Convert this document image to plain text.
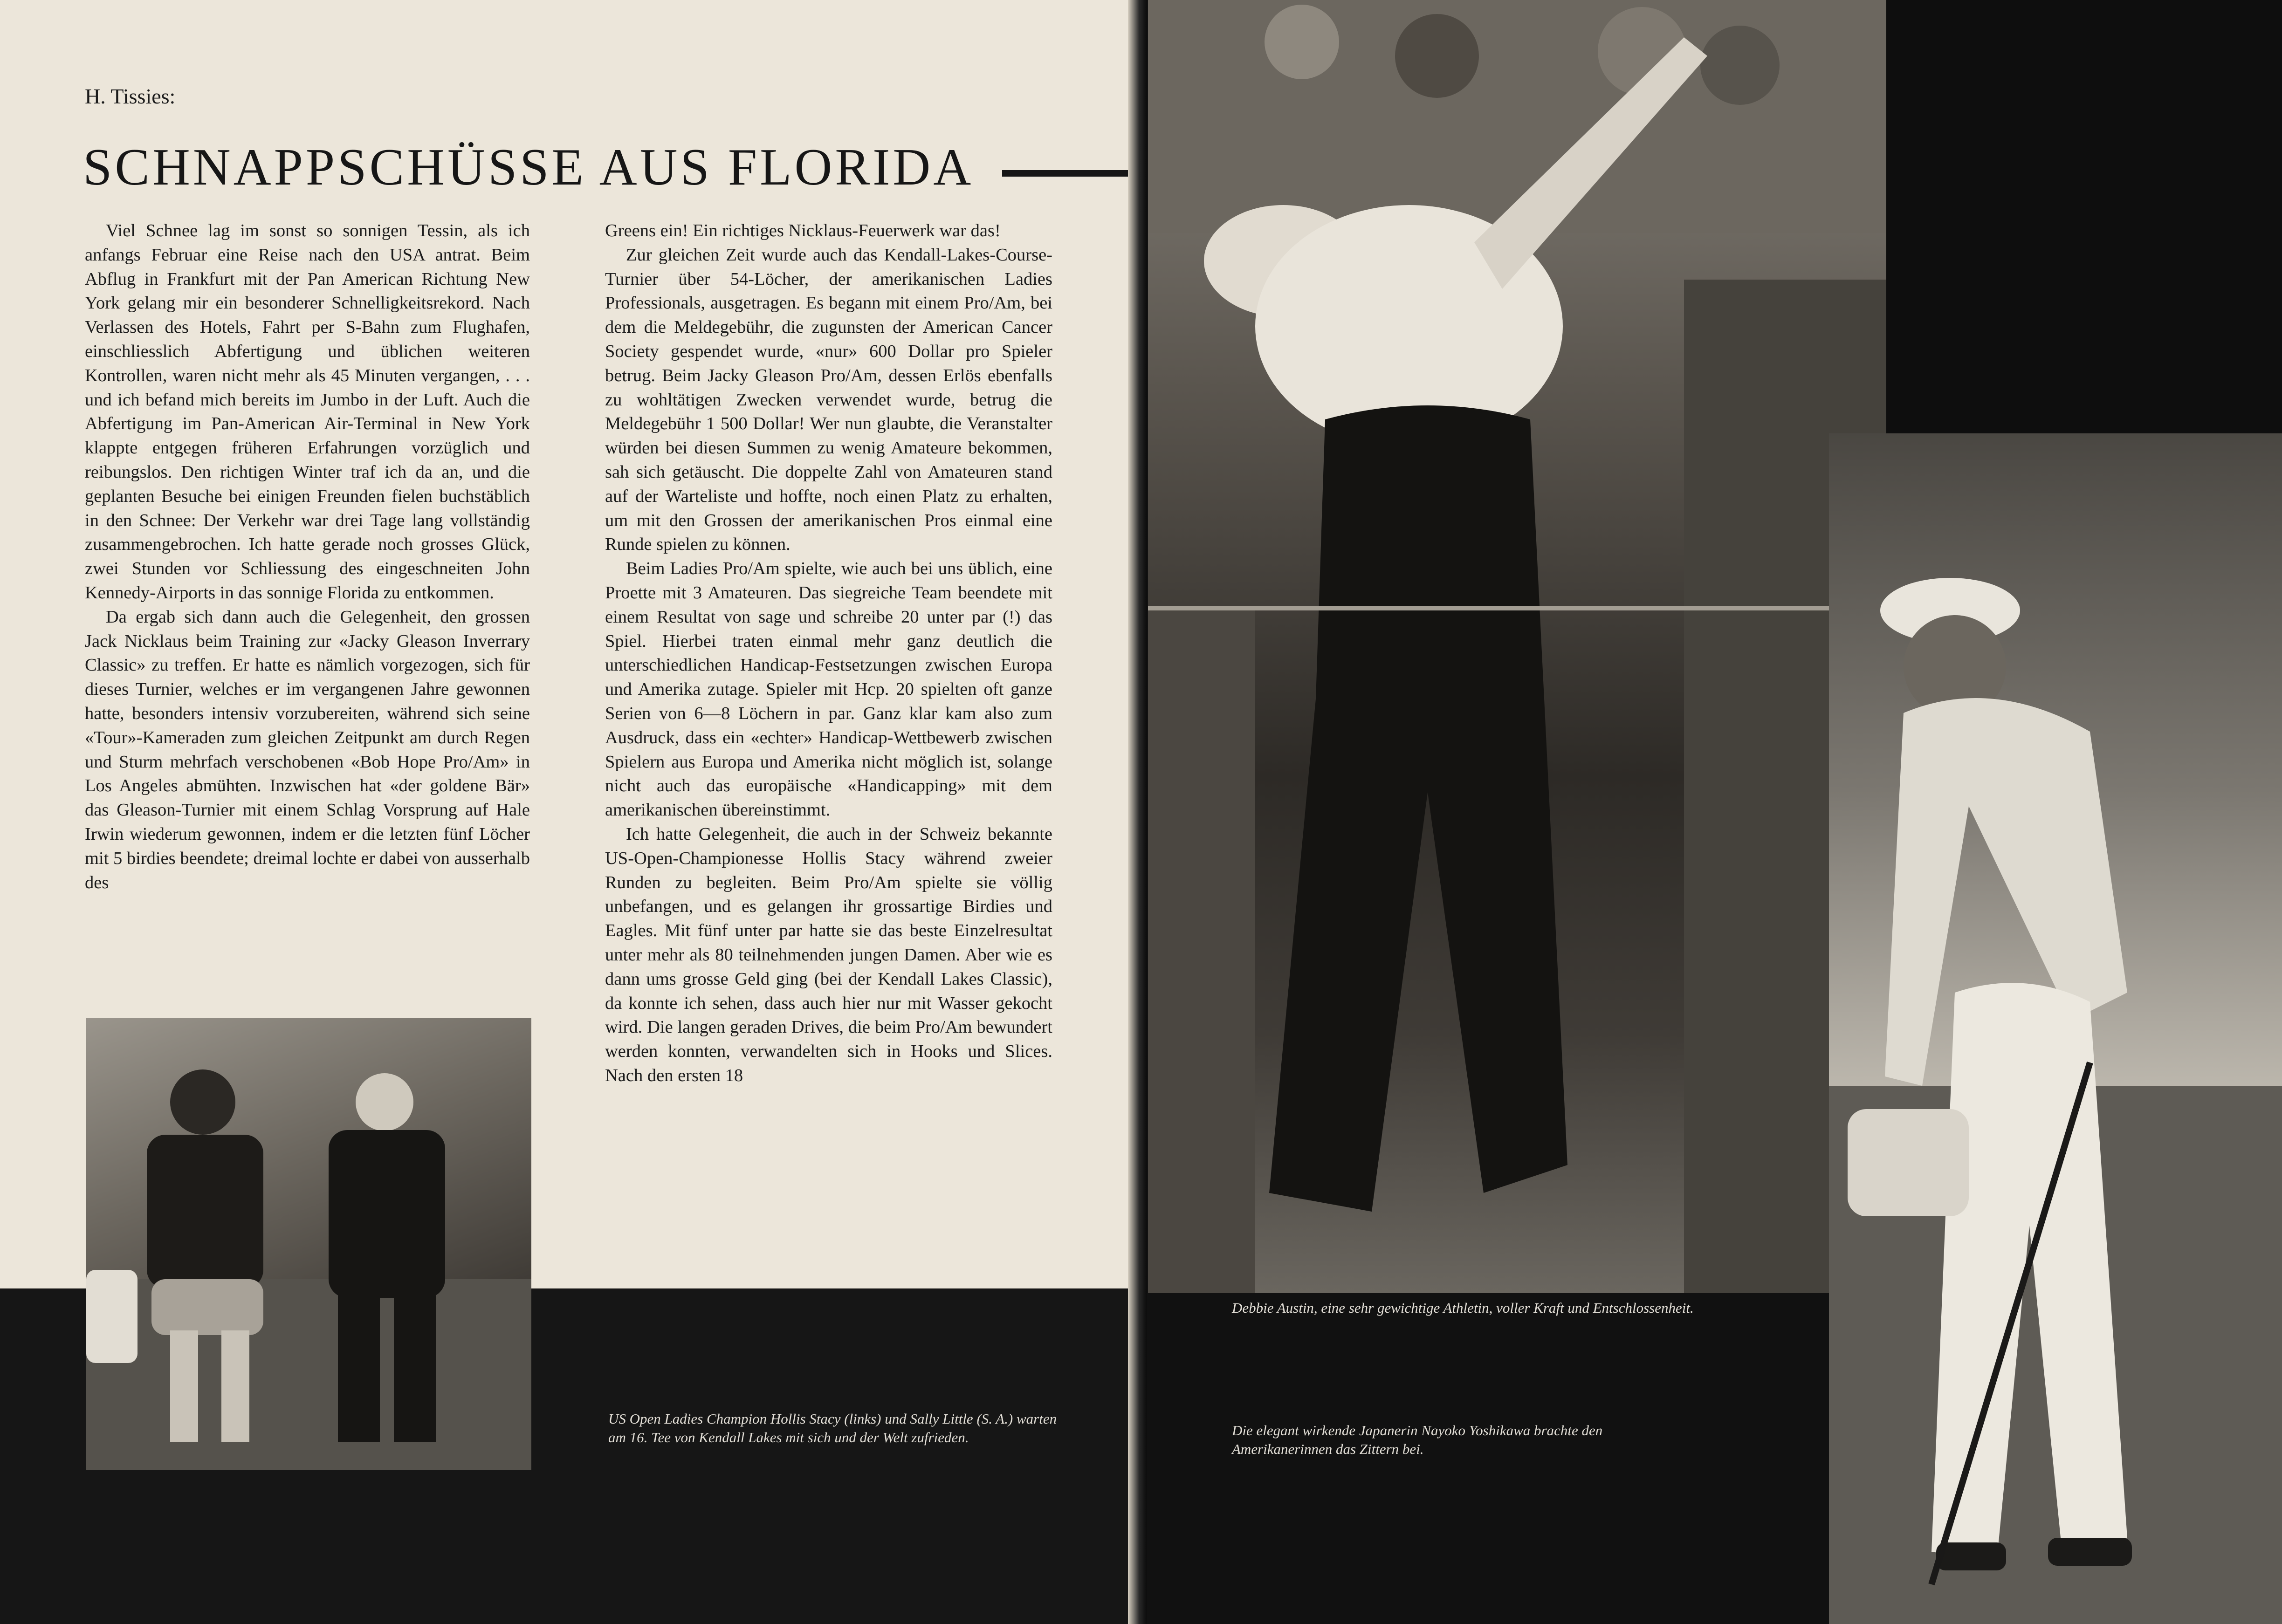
H. Tissies:
SCHNAPPSCHÜSSE AUS FLORIDA

Viel Schnee lag im sonst so sonnigen Tessin, als ich anfangs Februar eine Reise nach den USA antrat. Beim Abflug in Frankfurt mit der Pan American Richtung New York gelang mir ein besonderer Schnelligkeitsrekord. Nach Verlassen des Hotels, Fahrt per S-Bahn zum Flughafen, einschliesslich Abfertigung und üblichen weiteren Kontrollen, waren nicht mehr als 45 Minuten vergangen, . . . und ich befand mich bereits im Jumbo in der Luft. Auch die Abfertigung im Pan-American Air-Terminal in New York klappte entgegen früheren Erfahrungen vorzüglich und reibungslos. Den richtigen Winter traf ich da an, und die geplanten Besuche bei einigen Freunden fielen buchstäblich in den Schnee: Der Verkehr war drei Tage lang vollständig zusammengebrochen. Ich hatte gerade noch grosses Glück, zwei Stunden vor Schliessung des eingeschneiten John Kennedy-Airports in das sonnige Florida zu entkommen.

Da ergab sich dann auch die Gelegenheit, den grossen Jack Nicklaus beim Training zur «Jacky Gleason Inverrary Classic» zu treffen. Er hatte es nämlich vorgezogen, sich für dieses Turnier, welches er im vergangenen Jahre gewonnen hatte, besonders intensiv vorzubereiten, während sich seine «Tour»-Kameraden zum gleichen Zeitpunkt am durch Regen und Sturm mehrfach verschobenen «Bob Hope Pro/Am» in Los Angeles abmühten. Inzwischen hat «der goldene Bär» das Gleason-Turnier mit einem Schlag Vorsprung auf Hale Irwin wiederum gewonnen, indem er die letzten fünf Löcher mit 5 birdies beendete; dreimal lochte er dabei von ausserhalb des

Greens ein! Ein richtiges Nicklaus-Feuerwerk war das!

Zur gleichen Zeit wurde auch das Kendall-Lakes-Course-Turnier über 54-Löcher, der amerikanischen Ladies Professionals, ausgetragen. Es begann mit einem Pro/Am, bei dem die Meldegebühr, die zugunsten der American Cancer Society gespendet wurde, «nur» 600 Dollar pro Spieler betrug. Beim Jacky Gleason Pro/Am, dessen Erlös ebenfalls zu wohltätigen Zwecken verwendet wurde, betrug die Meldegebühr 1 500 Dollar! Wer nun glaubte, die Veranstalter würden bei diesen Summen zu wenig Amateure bekommen, sah sich getäuscht. Die doppelte Zahl von Amateuren stand auf der Warteliste und hoffte, noch einen Platz zu erhalten, um mit den Grossen der amerikanischen Pros einmal eine Runde spielen zu können.

Beim Ladies Pro/Am spielte, wie auch bei uns üblich, eine Proette mit 3 Amateuren. Das siegreiche Team beendete mit einem Resultat von sage und schreibe 20 unter par (!) das Spiel. Hierbei traten einmal mehr ganz deutlich die unterschiedlichen Handicap-Festsetzungen zwischen Europa und Amerika zutage. Spieler mit Hcp. 20 spielten oft ganze Serien von 6—8 Löchern in par. Ganz klar kam also zum Ausdruck, dass ein «echter» Handicap-Wettbewerb zwischen Spielern aus Europa und Amerika nicht möglich ist, solange nicht auch das europäische «Handicapping» mit dem amerikanischen übereinstimmt.

Ich hatte Gelegenheit, die auch in der Schweiz bekannte US-Open-Championesse Hollis Stacy während zweier Runden zu begleiten. Beim Pro/Am spielte sie völlig unbefangen, und es gelangen ihr grossartige Birdies und Eagles. Mit fünf unter par hatte sie das beste Einzelresultat unter mehr als 80 teilnehmenden jungen Damen. Aber wie es dann ums grosse Geld ging (bei der Kendall Lakes Classic), da konnte ich sehen, dass auch hier nur mit Wasser gekocht wird. Die langen geraden Drives, die beim Pro/Am bewundert werden konnten, verwandelten sich in Hooks und Slices. Nach den ersten 18

US Open Ladies Champion Hollis Stacy (links) und Sally Little (S. A.) warten am 16. Tee von Kendall Lakes mit sich und der Welt zufrieden.
Debbie Austin, eine sehr gewichtige Athletin, voller Kraft und Entschlossenheit.
Die elegant wirkende Japanerin Nayoko Yoshikawa brachte den Amerikanerinnen das Zittern bei.
